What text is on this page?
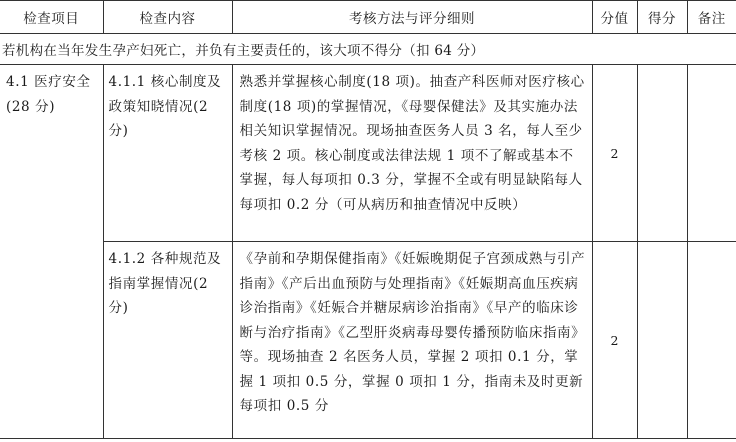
检查项目	检查内容	考核方法与评分细则	分值	得分	备注
若机构在当年发生孕产妇死亡，并负有主要责任的，该大项不得分（扣 64 分）					

4.1 医疗安全(28 分)	4.1.1 核心制度及政策知晓情况(2 分)	熟悉并掌握核心制度(18 项)。抽查产科医师对医疗核心制度(18 项)的掌握情况，《母婴保健法》及其实施办法相关知识掌握情况。现场抽查医务人员 3 名，每人至少考核 2 项。核心制度或法律法规 1 项不了解或基本不掌握，每人每项扣 0.3 分，掌握不全或有明显缺陷每人每项扣 0.2 分（可从病历和抽查情况中反映）	2		

	4.1.2 各种规范及指南掌握情况(2 分)	《孕前和孕期保健指南》《妊娠晚期促子宫颈成熟与引产指南》《产后出血预防与处理指南》《妊娠期高血压疾病诊治指南》《妊娠合并糖尿病诊治指南》《早产的临床诊断与治疗指南》《乙型肝炎病毒母婴传播预防临床指南》等。现场抽查 2 名医务人员，掌握 2 项扣 0.1 分，掌握 1 项扣 0.5 分，掌握 0 项扣 1 分，指南未及时更新每项扣 0.5 分	2		
